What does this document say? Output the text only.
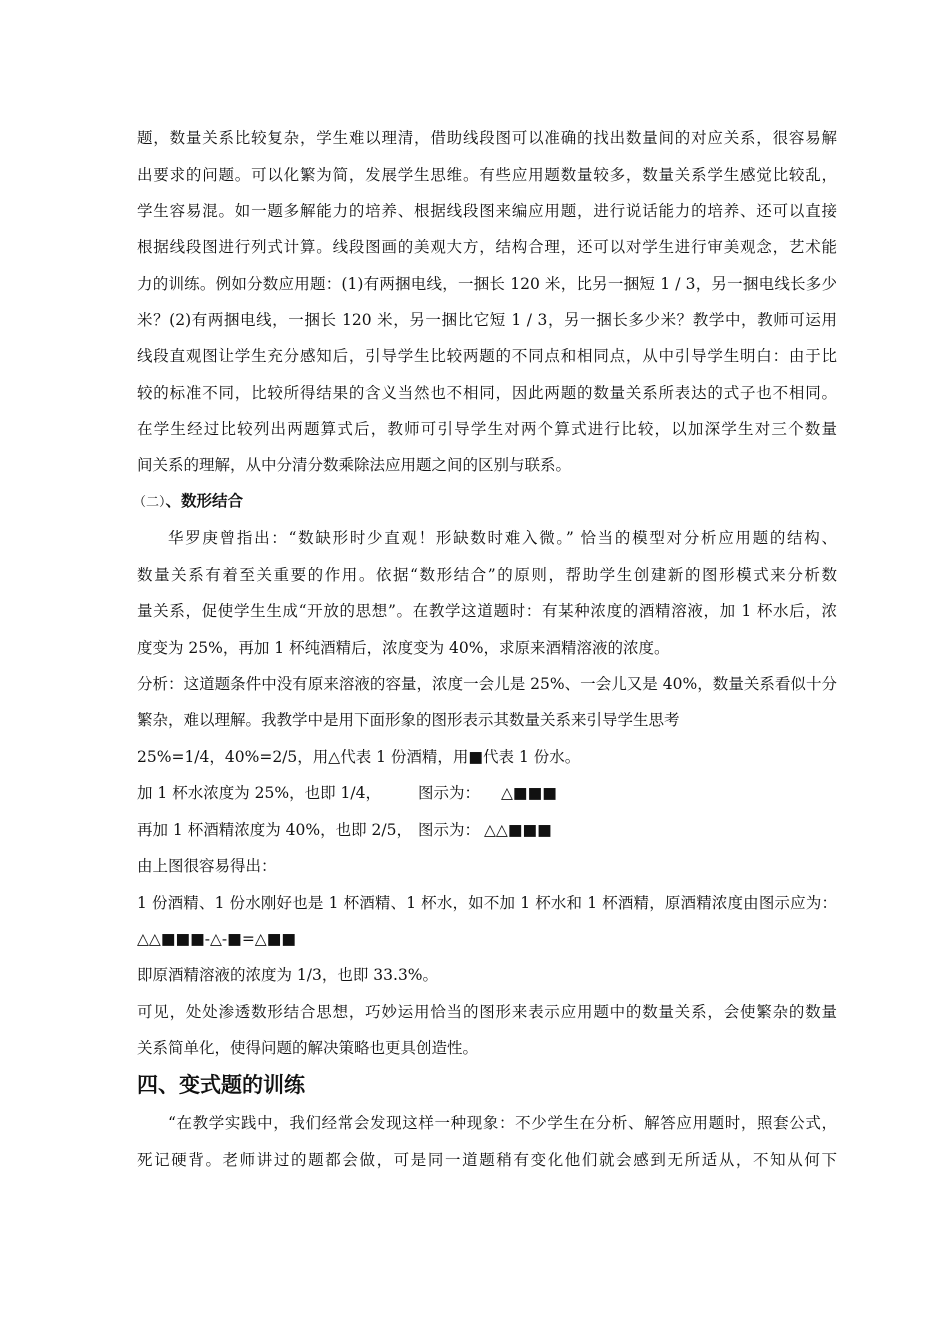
题，数量关系比较复杂，学生难以理清，借助线段图可以准确的找出数量间的对应关系，很容易解
出要求的问题。可以化繁为简，发展学生思维。有些应用题数量较多，数量关系学生感觉比较乱，
学生容易混。如一题多解能力的培养、根据线段图来编应用题，进行说话能力的培养、还可以直接
根据线段图进行列式计算。线段图画的美观大方，结构合理，还可以对学生进行审美观念，艺术能
力的训练。例如分数应用题：(1)有两捆电线，一捆长 120 米，比另一捆短 1 / 3，另一捆电线长多少
米？(2)有两捆电线，一捆长 120 米，另一捆比它短 1 / 3，另一捆长多少米？教学中，教师可运用
线段直观图让学生充分感知后，引导学生比较两题的不同点和相同点，从中引导学生明白：由于比
较的标准不同，比较所得结果的含义当然也不相同，因此两题的数量关系所表达的式子也不相同。
在学生经过比较列出两题算式后，教师可引导学生对两个算式进行比较，以加深学生对三个数量
间关系的理解，从中分清分数乘除法应用题之间的区别与联系。
（二）、数形结合
华罗庚曾指出：“数缺形时少直观！形缺数时难入微。” 恰当的模型对分析应用题的结构、
数量关系有着至关重要的作用。依据“数形结合”的原则，帮助学生创建新的图形模式来分析数
量关系，促使学生生成“开放的思想”。在教学这道题时：有某种浓度的酒精溶液，加 1 杯水后，浓
度变为 25%，再加 1 杯纯酒精后，浓度变为 40%，求原来酒精溶液的浓度。
分析：这道题条件中没有原来溶液的容量，浓度一会儿是 25%、一会儿又是 40%，数量关系看似十分
繁杂，难以理解。我教学中是用下面形象的图形表示其数量关系来引导学生思考
25%=1/4，40%=2/5，用△代表 1 份酒精，用■代表 1 份水。
加 1 杯水浓度为 25%，也即 1/4，	图示为：	△■■■
再加 1 杯酒精浓度为 40%，也即 2/5， 图示为： △△■■■
由上图很容易得出：
1 份酒精、1 份水刚好也是 1 杯酒精、1 杯水，如不加 1 杯水和 1 杯酒精，原酒精浓度由图示应为：
△△■■■-△-■=△■■
即原酒精溶液的浓度为 1/3，也即 33.3%。
可见，处处渗透数形结合思想，巧妙运用恰当的图形来表示应用题中的数量关系，会使繁杂的数量
关系简单化，使得问题的解决策略也更具创造性。
四、变式题的训练
“在教学实践中，我们经常会发现这样一种现象：不少学生在分析、解答应用题时，照套公式，
死记硬背。老师讲过的题都会做，可是同一道题稍有变化他们就会感到无所适从，不知从何下
